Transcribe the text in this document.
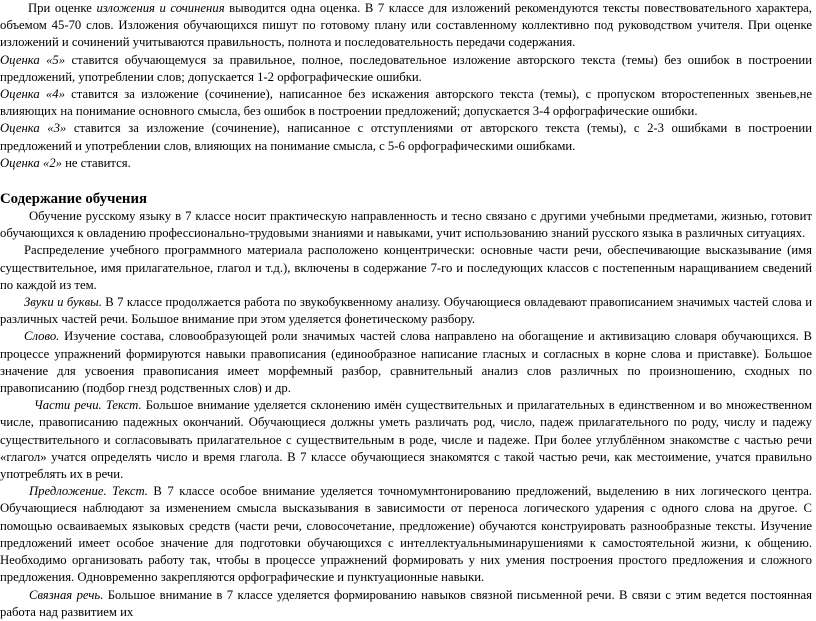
При оценке изложения и сочинения выводится одна оценка. В 7 классе для изложений рекомендуются тексты повествовательного характера, объемом 45-70 слов. Изложения обучающихся пишут по готовому плану или составленному коллективно под руководством учителя. При оценке изложений и сочинений учитываются правильность, полнота и последовательность передачи содержания.

Оценка «5» ставится обучающемуся за правильное, полное, последовательное изложение авторского текста (темы) без ошибок в построении предложений, употреблении слов; допускается 1-2 орфографические ошибки.

Оценка «4» ставится за изложение (сочинение), написанное без искажения авторского текста (темы), с пропуском второстепенных звеньев,не влияющих на понимание основного смысла, без ошибок в построении предложений; допускается 3-4 орфографические ошибки.

Оценка «3» ставится за изложение (сочинение), написанное с отступлениями от авторского текста (темы), с 2-3 ошибками в построении предложений и употреблении слов, влияющих на понимание смысла, с 5-6 орфографическими ошибками.

Оценка «2» не ставится.

Содержание обучения

Обучение русскому языку в 7 классе носит практическую направленность и тесно связано с другими учебными предметами, жизнью, готовит обучающихся к овладению профессионально-трудовыми знаниями и навыками, учит использованию знаний русского языка в различных ситуациях.

Распределение учебного программного материала расположено концентрически: основные части речи, обеспечивающие высказывание (имя существительное, имя прилагательное, глагол и т.д.), включены в содержание 7-го и последующих классов с постепенным наращиванием сведений по каждой из тем.

Звуки и буквы. В 7 классе продолжается работа по звукобуквенному анализу. Обучающиеся овладевают правописанием значимых частей слова и различных частей речи. Большое внимание при этом уделяется фонетическому разбору.

Слово. Изучение состава, словообразующей роли значимых частей слова направлено на обогащение и активизацию словаря обучающихся. В процессе упражнений формируются навыки правописания (единообразное написание гласных и согласных в корне слова и приставке). Большое значение для усвоения правописания имеет морфемный разбор, сравнительный анализ слов различных по произношению, сходных по правописанию (подбор гнезд родственных слов) и др.

Части речи. Текст. Большое внимание уделяется склонению имён существительных и прилагательных в единственном и во множественном числе, правописанию падежных окончаний. Обучающиеся должны уметь различать род, число, падеж прилагательного по роду, числу и падежу существительного и согласовывать прилагательное с существительным в роде, числе и падеже. При более углублённом знакомстве с частью речи «глагол» учатся определять число и время глагола. В 7 классе обучающиеся знакомятся с такой частью речи, как местоимение, учатся правильно употреблять их в речи.

Предложение. Текст. В 7 классе особое внимание уделяется точномумнтонированию предложений, выделению в них логического центра. Обучающиеся наблюдают за изменением смысла высказывания в зависимости от переноса логического ударения с одного слова на другое. С помощью осваиваемых языковых средств (части речи, словосочетание, предложение) обучаются конструировать разнообразные тексты. Изучение предложений имеет особое значение для подготовки обучающихся с интеллектуальныминарушениями к самостоятельной жизни, к общению. Необходимо организовать работу так, чтобы в процессе упражнений формировать у них умения построения простого предложения и сложного предложения. Одновременно закрепляются орфографические и пунктуационные навыки.

Связная речь. Большое внимание в 7 классе уделяется формированию навыков связной письменной речи. В связи с этим ведется постоянная работа над развитием их
